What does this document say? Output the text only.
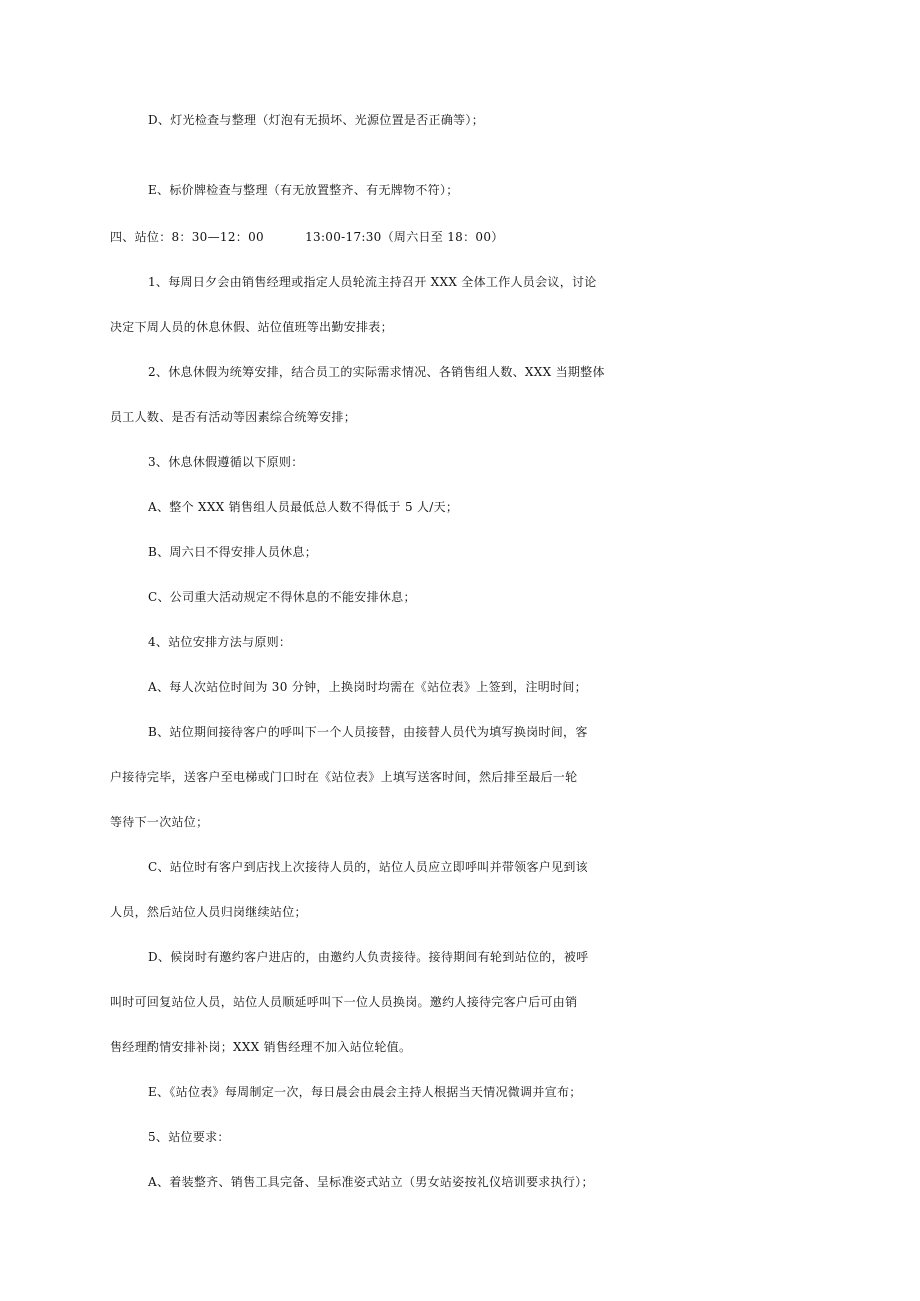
D、灯光检查与整理（灯泡有无损坏、光源位置是否正确等）；
E、标价牌检查与整理（有无放置整齐、有无牌物不符）；
四、站位：8：30—12：00          13:00-17:30（周六日至 18：00）
1、每周日夕会由销售经理或指定人员轮流主持召开 XXX 全体工作人员会议，讨论
决定下周人员的休息休假、站位值班等出勤安排表；
2、休息休假为统筹安排，结合员工的实际需求情况、各销售组人数、XXX 当期整体
员工人数、是否有活动等因素综合统筹安排；
3、休息休假遵循以下原则：
A、整个 XXX 销售组人员最低总人数不得低于 5 人/天；
B、周六日不得安排人员休息；
C、公司重大活动规定不得休息的不能安排休息；
4、站位安排方法与原则：
A、每人次站位时间为 30 分钟，上换岗时均需在《站位表》上签到，注明时间；
B、站位期间接待客户的呼叫下一个人员接替，由接替人员代为填写换岗时间，客
户接待完毕，送客户至电梯或门口时在《站位表》上填写送客时间，然后排至最后一轮
等待下一次站位；
C、站位时有客户到店找上次接待人员的，站位人员应立即呼叫并带领客户见到该
人员，然后站位人员归岗继续站位；
D、候岗时有邀约客户进店的，由邀约人负责接待。接待期间有轮到站位的，被呼
叫时可回复站位人员，站位人员顺延呼叫下一位人员换岗。邀约人接待完客户后可由销
售经理酌情安排补岗；XXX 销售经理不加入站位轮值。
E、《站位表》每周制定一次，每日晨会由晨会主持人根据当天情况微调并宣布；
5、站位要求：
A、着装整齐、销售工具完备、呈标准姿式站立（男女站姿按礼仪培训要求执行）；
